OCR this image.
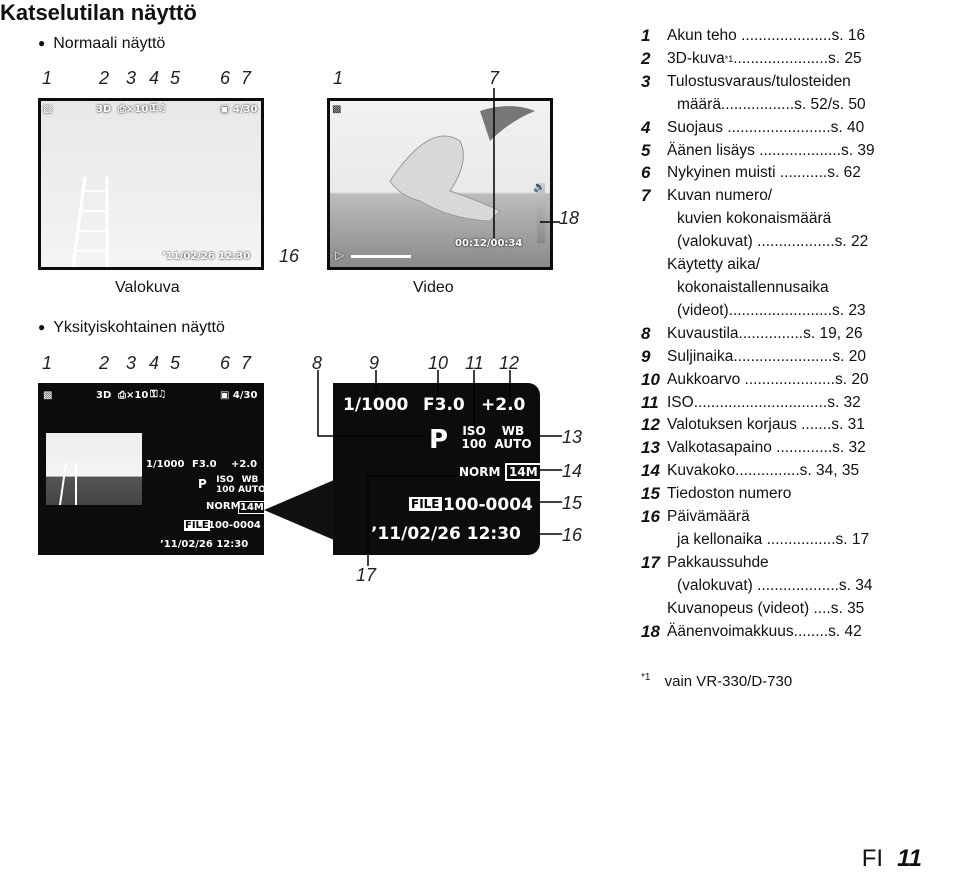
Katselutilan näyttö
● Normaali näyttö
● Yksityiskohtainen näyttö
1	2 3 4 5 6 7
▩	3D ⎙×10 ⚿♫	▣ 4/30
’11/02/26 12:30 16
Valokuva
1	7
▩
🔉
00:12/00:34
▷
18
Video
1	2 3 4 5 6 7
▩	3D ⎙×10 ⚿♫	▣ 4/30
1/1000 F3.0 +2.0
P ISO
100
WB
AUTO
NORM 14M
FILE 100-0004
’11/02/26 12:30
8	9	10 11 12
1/1000 F3.0 +2.0
P ISO
100
WB
AUTO
NORM 14M
FILE 100-0004
’11/02/26 12:30
13
14
15
16
17
1	Akun teho .....................s. 16
2	3D-kuva *1 ......................s. 25
3	Tulostusvaraus/tulosteiden
määrä.................s. 52/s. 50
4	Suojaus ........................s. 40
5	Äänen lisäys ...................s. 39
6	Nykyinen muisti ...........s. 62
7	Kuvan numero/
kuvien kokonaismäärä
(valokuvat) ..................s. 22
Käytetty aika/
kokonaistallennusaika
(videot)........................s. 23
8	Kuvaustila...............s. 19, 26
9	Suljinaika.......................s. 20
10 Aukkoarvo .....................s. 20
11 ISO...............................s. 32
12 Valotuksen korjaus .......s. 31
13 Valkotasapaino .............s. 32
14 Kuvakoko...............s. 34, 35
15 Tiedoston numero
16 Päivämäärä
ja kellonaika ................s. 17
17 Pakkaussuhde
(valokuvat) ...................s. 34
Kuvanopeus (videot) ....s. 35
18 Äänenvoimakkuus........s. 42
$^{*1}$ vain VR-330/D-730
FI 11
